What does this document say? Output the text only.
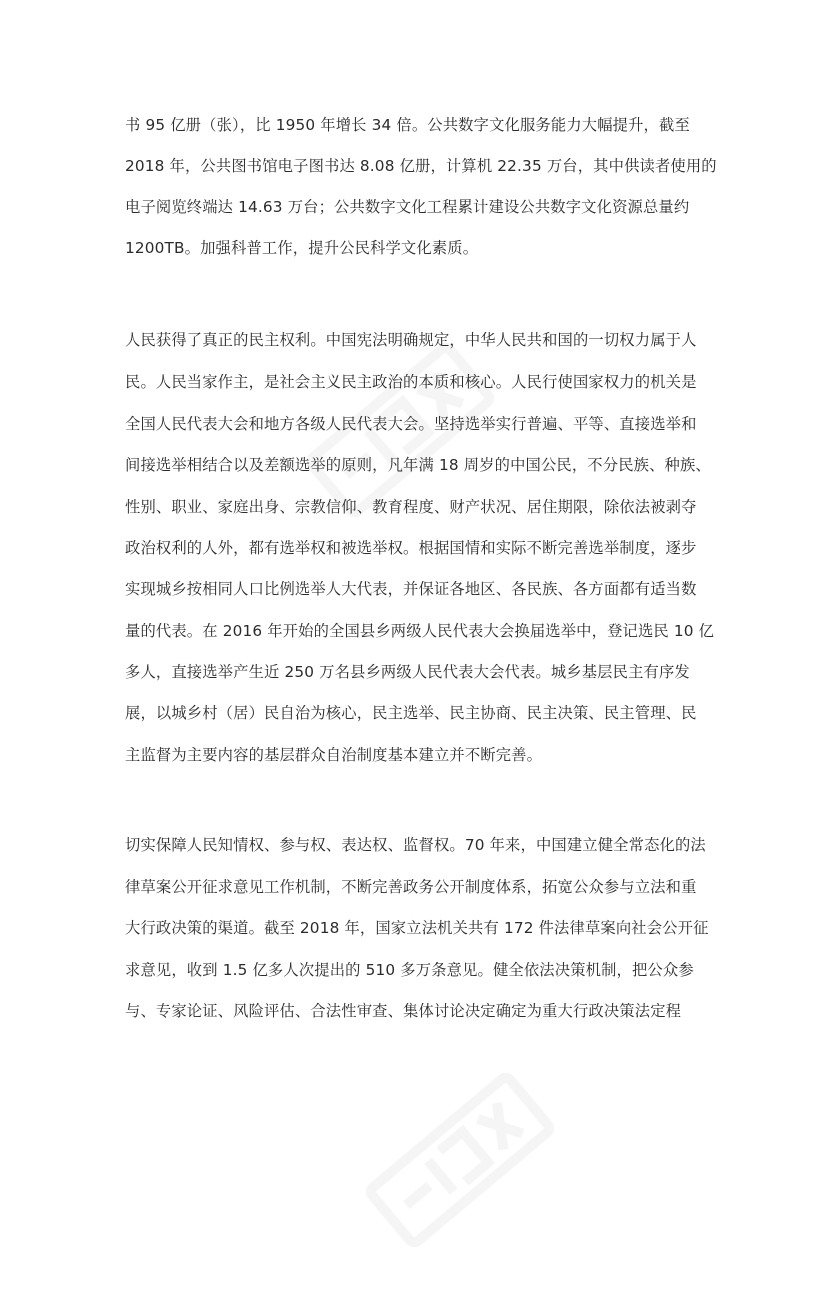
书 95 亿册（张），比 1950 年增长 34 倍。公共数字文化服务能力大幅提升，截至
2018 年，公共图书馆电子图书达 8.08 亿册，计算机 22.35 万台，其中供读者使用的
电子阅览终端达 14.63 万台；公共数字文化工程累计建设公共数字文化资源总量约
1200TB。加强科普工作，提升公民科学文化素质。
人民获得了真正的民主权利。中国宪法明确规定，中华人民共和国的一切权力属于人
民。人民当家作主，是社会主义民主政治的本质和核心。人民行使国家权力的机关是
全国人民代表大会和地方各级人民代表大会。坚持选举实行普遍、平等、直接选举和
间接选举相结合以及差额选举的原则，凡年满 18 周岁的中国公民，不分民族、种族、
性别、职业、家庭出身、宗教信仰、教育程度、财产状况、居住期限，除依法被剥夺
政治权利的人外，都有选举权和被选举权。根据国情和实际不断完善选举制度，逐步
实现城乡按相同人口比例选举人大代表，并保证各地区、各民族、各方面都有适当数
量的代表。在 2016 年开始的全国县乡两级人民代表大会换届选举中，登记选民 10 亿
多人，直接选举产生近 250 万名县乡两级人民代表大会代表。城乡基层民主有序发
展，以城乡村（居）民自治为核心，民主选举、民主协商、民主决策、民主管理、民
主监督为主要内容的基层群众自治制度基本建立并不断完善。
切实保障人民知情权、参与权、表达权、监督权。70 年来，中国建立健全常态化的法
律草案公开征求意见工作机制，不断完善政务公开制度体系，拓宽公众参与立法和重
大行政决策的渠道。截至 2018 年，国家立法机关共有 172 件法律草案向社会公开征
求意见，收到 1.5 亿多人次提出的 510 多万条意见。健全依法决策机制，把公众参
与、专家论证、风险评估、合法性审查、集体讨论决定确定为重大行政决策法定程
